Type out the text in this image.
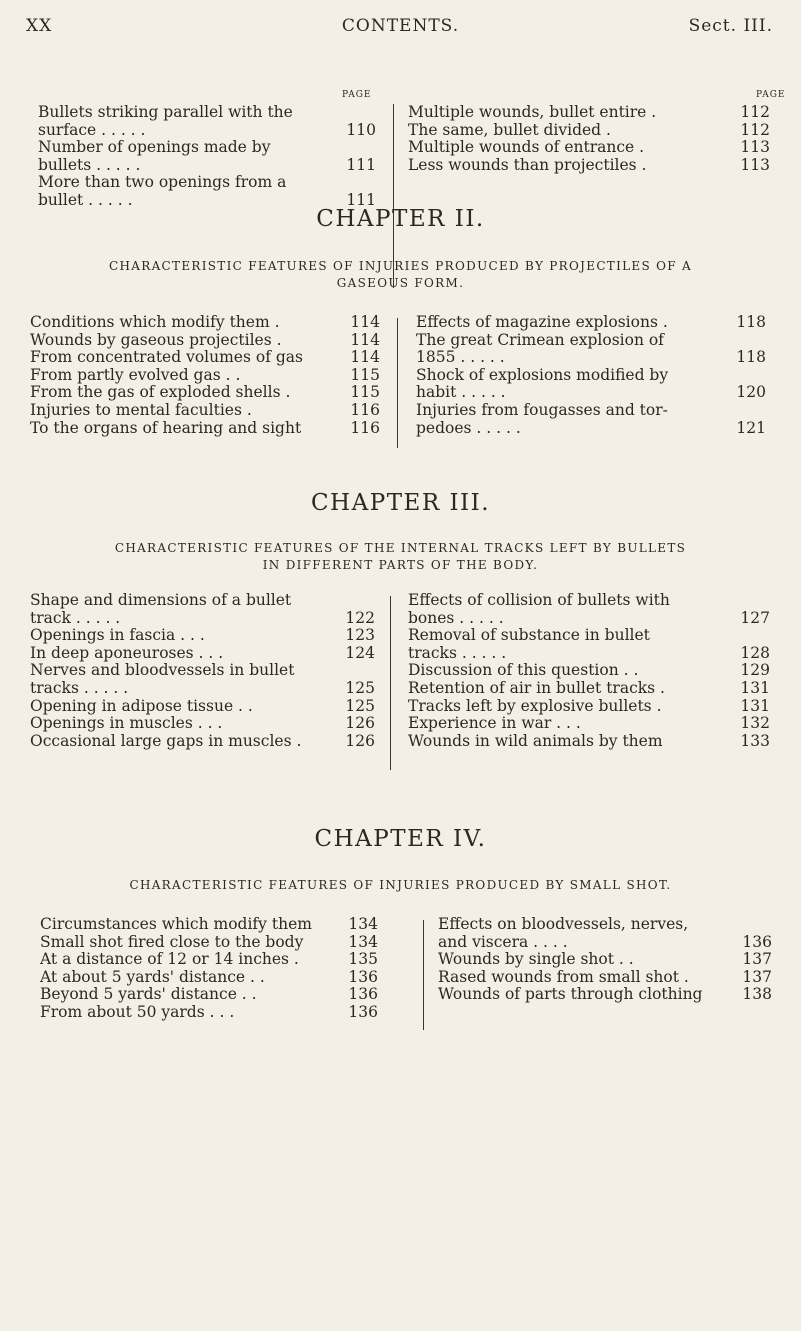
XX	CONTENTS.	Sect. III.
PAGE
Bullets striking parallel with the
surface . . . . .	110
Number of openings made by
bullets . . . . .	111
More than two openings from a
bullet . . . . .	111
PAGE
Multiple wounds, bullet entire .	112
The same, bullet divided .	112
Multiple wounds of entrance .	113
Less wounds than projectiles .	113
CHAPTER II.
CHARACTERISTIC FEATURES OF INJURIES PRODUCED BY PROJECTILES OF A
GASEOUS FORM.
Conditions which modify them .	114
Wounds by gaseous projectiles .	114
From concentrated volumes of gas	114
From partly evolved gas . .	115
From the gas of exploded shells .	115
Injuries to mental faculties .	116
To the organs of hearing and sight	116
Effects of magazine explosions .	118
The great Crimean explosion of
1855 . . . . .	118
Shock of explosions modified by
habit . . . . .	120
Injuries from fougasses and tor-
pedoes . . . . .	121
CHAPTER III.
CHARACTERISTIC FEATURES OF THE INTERNAL TRACKS LEFT BY BULLETS
IN DIFFERENT PARTS OF THE BODY.
Shape and dimensions of a bullet
track . . . . .	122
Openings in fascia . . .	123
In deep aponeuroses . . .	124
Nerves and bloodvessels in bullet
tracks . . . . .	125
Opening in adipose tissue . .	125
Openings in muscles . . .	126
Occasional large gaps in muscles .	126
Effects of collision of bullets with
bones . . . . .	127
Removal of substance in bullet
tracks . . . . .	128
Discussion of this question . .	129
Retention of air in bullet tracks .	131
Tracks left by explosive bullets .	131
Experience in war . . .	132
Wounds in wild animals by them	133
CHAPTER IV.
CHARACTERISTIC FEATURES OF INJURIES PRODUCED BY SMALL SHOT.
Circumstances which modify them	134
Small shot fired close to the body	134
At a distance of 12 or 14 inches .	135
At about 5 yards' distance . .	136
Beyond 5 yards' distance . .	136
From about 50 yards . . .	136
Effects on bloodvessels, nerves,
and viscera . . . .	136
Wounds by single shot . .	137
Rased wounds from small shot .	137
Wounds of parts through clothing	138
